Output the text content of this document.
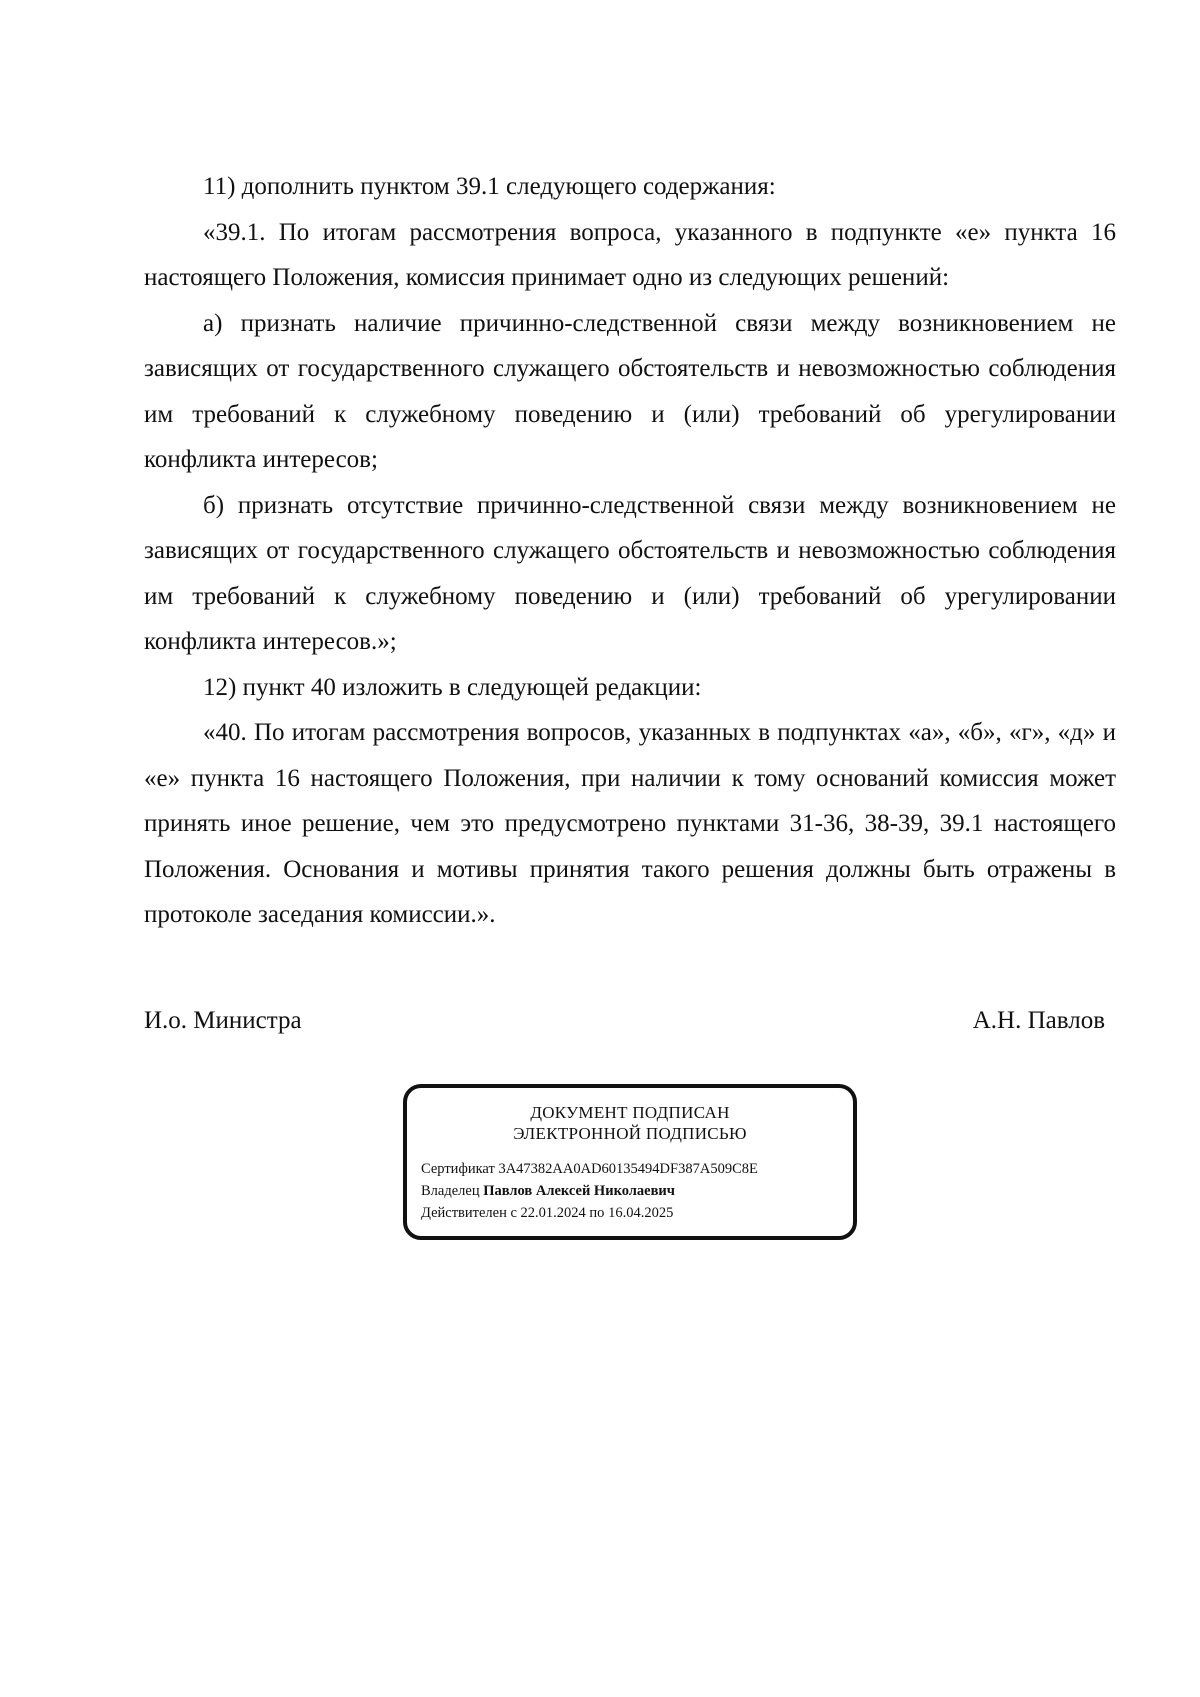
11) дополнить пунктом 39.1 следующего содержания:

«39.1. По итогам рассмотрения вопроса, указанного в подпункте «е» пункта 16 настоящего Положения, комиссия принимает одно из следующих решений:

а) признать наличие причинно-следственной связи между возникновением не зависящих от государственного служащего обстоятельств и невозможностью соблюдения им требований к служебному поведению и (или) требований об урегулировании конфликта интересов;

б) признать отсутствие причинно-следственной связи между возникновением не зависящих от государственного служащего обстоятельств и невозможностью соблюдения им требований к служебному поведению и (или) требований об урегулировании конфликта интересов.»;

12) пункт 40 изложить в следующей редакции:

«40. По итогам рассмотрения вопросов, указанных в подпунктах «а», «б», «г», «д» и «е» пункта 16 настоящего Положения, при наличии к тому оснований комиссия может принять иное решение, чем это предусмотрено пунктами 31-36, 38-39, 39.1 настоящего Положения. Основания и мотивы принятия такого решения должны быть отражены в протоколе заседания комиссии.».

И.о. Министра	А.Н. Павлов
ДОКУМЕНТ ПОДПИСАН
ЭЛЕКТРОННОЙ ПОДПИСЬЮ
Сертификат 3A47382AA0AD60135494DF387A509C8E
Владелец Павлов Алексей Николаевич
Действителен с 22.01.2024 по 16.04.2025
